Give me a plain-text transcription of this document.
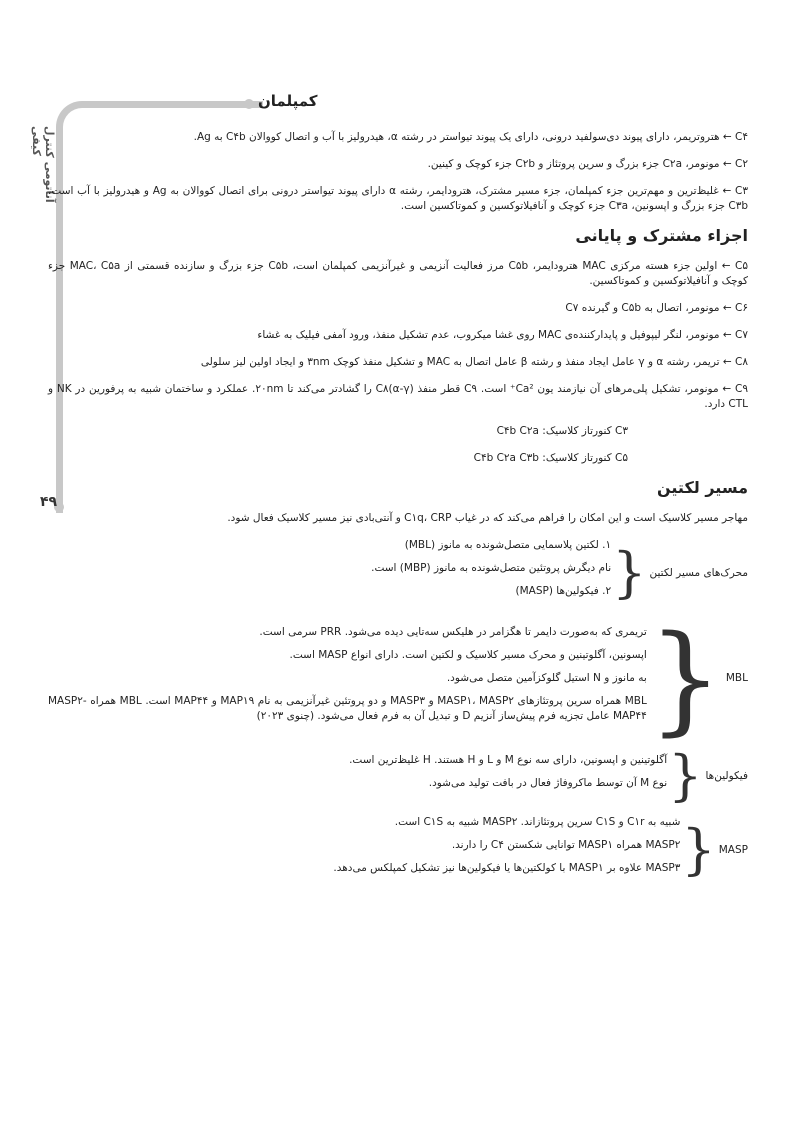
آناتومی کنترل کیفی
۴۹
کمپلمان
C۴ ← هتروتریمر، دارای پیوند دی‌سولفید درونی، دارای یک پیوند تیواستر در رشته α، هیدرولیز با آب و اتصال کووالان C۴b به Ag.
C۲ ← مونومر، C۲a جزء بزرگ و سرین پروتئاز و C۲b جزء کوچک و کینین.
C۳ ← غلیظ‌ترین و مهم‌ترین جزء کمپلمان، جزء مسیر مشترک، هترودایمر، رشته α دارای پیوند تیواستر درونی برای اتصال کووالان به Ag و هیدرولیز با آب است، C۳b جزء بزرگ و اپسونین، C۳a جزء کوچک و آنافیلاتوکسین و کموتاکسین است.
اجزاء مشترک و پایانی
C۵ ← اولین جزء هسته مرکزی MAC هترودایمر، C۵b مرز فعالیت آنزیمی و غیرآنزیمی کمپلمان است، C۵b جزء بزرگ و سازنده قسمتی از MAC، C۵a جزء کوچک و آنافیلاتوکسین و کموتاکسین.
C۶ ← مونومر، اتصال به C۵b و گیرنده C۷
C۷ ← مونومر، لنگر لیپوفیل و پایدارکننده‌ی MAC روی غشا میکروب، عدم تشکیل منفذ، ورود آمفی فیلیک به غشاء
C۸ ← تریمر، رشته α و γ عامل ایجاد منفذ و رشته β عامل اتصال به MAC و تشکیل منفذ کوچک ۳nm و ایجاد اولین لیز سلولی
C۹ ← مونومر، تشکیل پلی‌مرهای آن نیازمند یون Ca²⁺ است. C۹ قطر منفذ C۸(α-γ) را گشادتر می‌کند تا ۲۰nm. عملکرد و ساختمان شبیه به پرفورین در NK و CTL دارد.
C۳ کنورتاز کلاسیک: C۴b C۲a
C۵ کنورتاز کلاسیک: C۴b C۲a C۳b
مسیر لکتین
مهاجر مسیر کلاسیک است و این امکان را فراهم می‌کند که در غیاب C۱q، CRP و آنتی‌بادی نیز مسیر کلاسیک فعال شود.
محرک‌های مسیر لکتین
{
۱. لکتین پلاسمایی متصل‌شونده به مانوز (MBL)
نام دیگرش پروتئین متصل‌شونده به مانوز (MBP) است.
۲. فیکولین‌ها (MASP)
MBL
{
تریمری که به‌صورت دایمر تا هگزامر در هلیکس سه‌تایی دیده می‌شود. PRR سرمی است.
اپسونین، آگلوتینین و محرک مسیر کلاسیک و لکتین است. دارای انواع MASP است.
به مانوز و N استیل گلوکزآمین متصل می‌شود.
MBL همراه سرین پروتئازهای MASP۱، MASP۲ و MASP۳ و دو پروتئین غیرآنزیمی به نام MAP۱۹ و MAP۴۴ است. MBL همراه MASP۲-MAP۴۴ عامل تجزیه فرم پیش‌ساز آنزیم D و تبدیل آن به فرم فعال می‌شود. (چنوی ۲۰۲۳)
فیکولین‌ها
{
آگلوتینین و اپسونین، دارای سه نوع M و L و H هستند. H غلیظ‌ترین است.
نوع M آن توسط ماکروفاژ فعال در بافت تولید می‌شود.
MASP
{
شبیه به C۱r و C۱S سرین پروتئازاند. MASP۲ شبیه به C۱S است.
MASP۲ همراه MASP۱ توانایی شکستن C۴ را دارند.
MASP۳ علاوه بر MASP۱ با کولکتین‌ها یا فیکولین‌ها نیز تشکیل کمپلکس می‌دهد.
